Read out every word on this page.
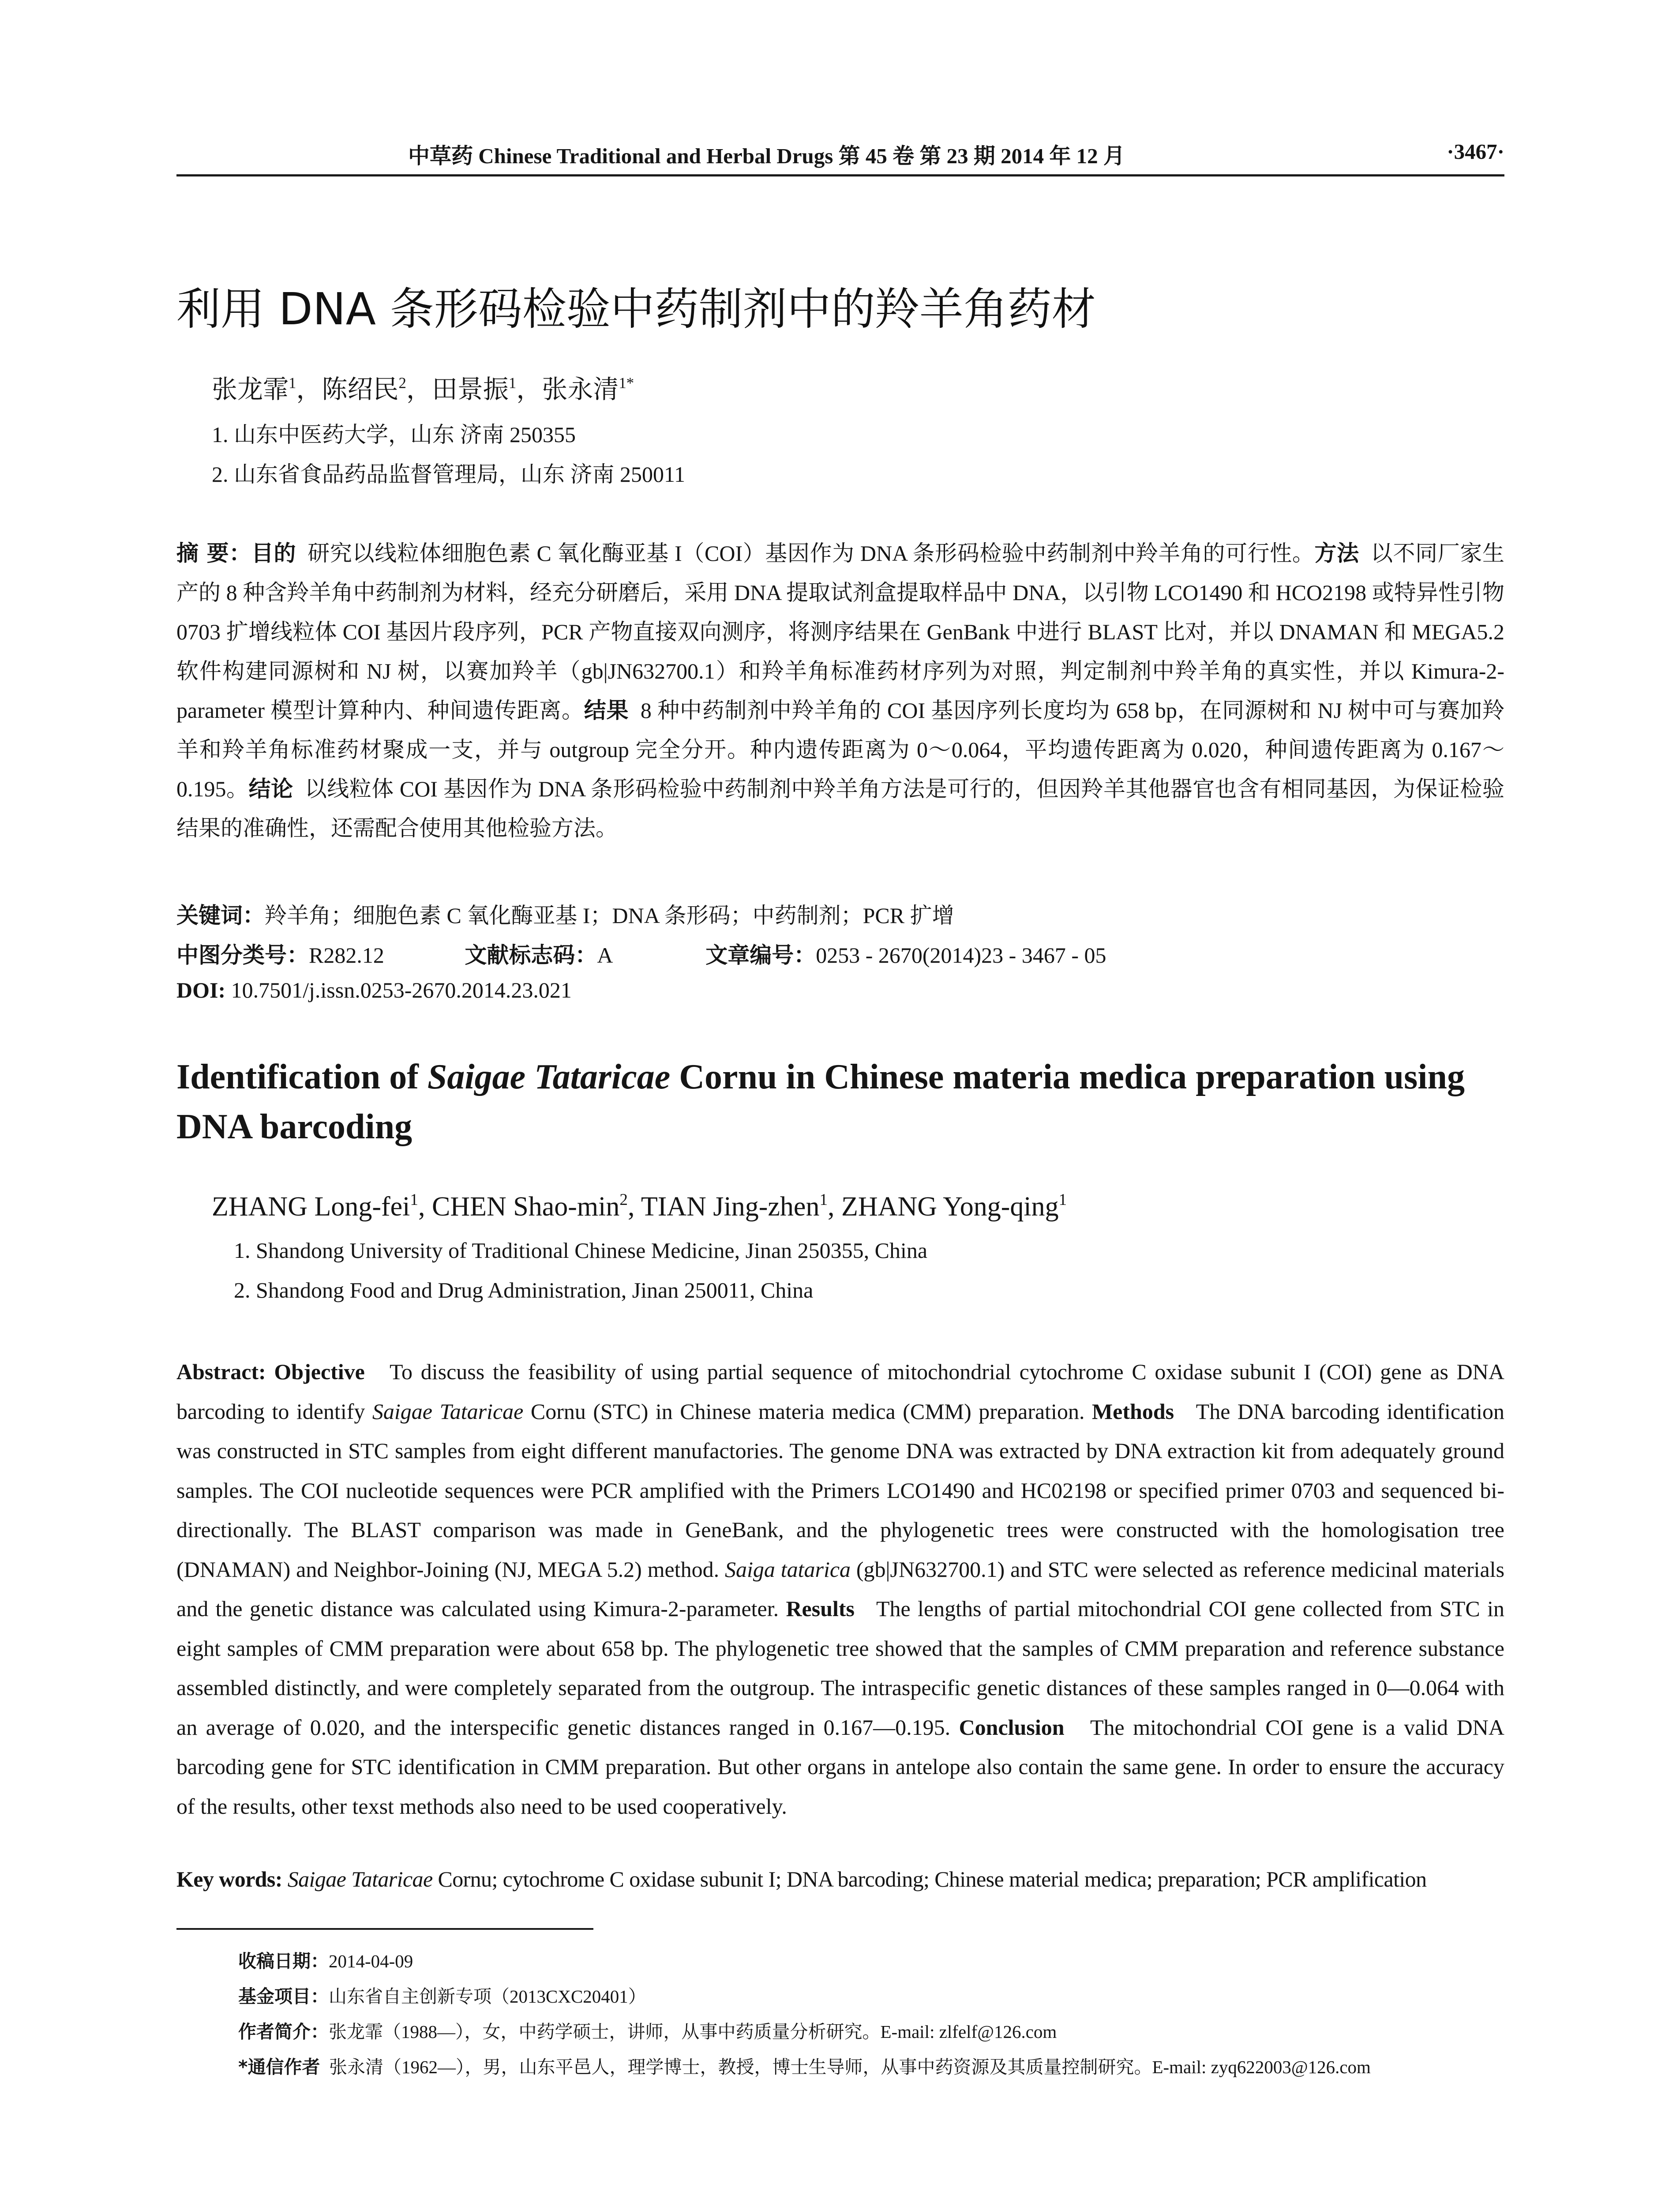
中草药 Chinese Traditional and Herbal Drugs 第 45 卷 第 23 期 2014 年 12 月	·3467·
利用 DNA 条形码检验中药制剂中的羚羊角药材
张龙霏$^1$，陈绍民$^2$，田景振$^1$，张永清$^{1*}$
1. 山东中医药大学，山东 济南 250355
2. 山东省食品药品监督管理局，山东 济南 250011
摘 要：目的 研究以线粒体细胞色素 C 氧化酶亚基 I（COI）基因作为 DNA 条形码检验中药制剂中羚羊角的可行性。方法 以不同厂家生产的 8 种含羚羊角中药制剂为材料，经充分研磨后，采用 DNA 提取试剂盒提取样品中 DNA，以引物 LCO1490 和 HCO2198 或特异性引物 0703 扩增线粒体 COI 基因片段序列，PCR 产物直接双向测序，将测序结果在 GenBank 中进行 BLAST 比对，并以 DNAMAN 和 MEGA5.2 软件构建同源树和 NJ 树，以赛加羚羊（gb|JN632700.1）和羚羊角标准药材序列为对照，判定制剂中羚羊角的真实性，并以 Kimura-2-parameter 模型计算种内、种间遗传距离。结果 8 种中药制剂中羚羊角的 COI 基因序列长度均为 658 bp，在同源树和 NJ 树中可与赛加羚羊和羚羊角标准药材聚成一支，并与 outgroup 完全分开。种内遗传距离为 0～0.064，平均遗传距离为 0.020，种间遗传距离为 0.167～0.195。结论 以线粒体 COI 基因作为 DNA 条形码检验中药制剂中羚羊角方法是可行的，但因羚羊其他器官也含有相同基因，为保证检验结果的准确性，还需配合使用其他检验方法。
关键词：羚羊角；细胞色素 C 氧化酶亚基 I；DNA 条形码；中药制剂；PCR 扩增
中图分类号：R282.12	文献标志码：A	文章编号：0253 - 2670(2014)23 - 3467 - 05
DOI: 10.7501/j.issn.0253-2670.2014.23.021
Identification of Saigae Tataricae Cornu in Chinese materia medica preparation using DNA barcoding
ZHANG Long-fei$^1$, CHEN Shao-$\min^2$, TIAN Jing-zhen$^1$, ZHANG Yong-qing$^1$
1. Shandong University of Traditional Chinese Medicine, Jinan 250355, China
2. Shandong Food and Drug Administration, Jinan 250011, China
Abstract: Objective To discuss the feasibility of using partial sequence of mitochondrial cytochrome C oxidase subunit I (COI) gene as DNA barcoding to identify Saigae Tataricae Cornu (STC) in Chinese materia medica (CMM) preparation. Methods The DNA barcoding identification was constructed in STC samples from eight different manufactories. The genome DNA was extracted by DNA extraction kit from adequately ground samples. The COI nucleotide sequences were PCR amplified with the Primers LCO1490 and HC02198 or specified primer 0703 and sequenced bi-directionally. The BLAST comparison was made in GeneBank, and the phylogenetic trees were constructed with the homologisation tree (DNAMAN) and Neighbor-Joining (NJ, MEGA 5.2) method. Saiga tatarica (gb|JN632700.1) and STC were selected as reference medicinal materials and the genetic distance was calculated using Kimura-2-parameter. Results The lengths of partial mitochondrial COI gene collected from STC in eight samples of CMM preparation were about 658 bp. The phylogenetic tree showed that the samples of CMM preparation and reference substance assembled distinctly, and were completely separated from the outgroup. The intraspecific genetic distances of these samples ranged in 0—0.064 with an average of 0.020, and the interspecific genetic distances ranged in 0.167—0.195. Conclusion The mitochondrial COI gene is a valid DNA barcoding gene for STC identification in CMM preparation. But other organs in antelope also contain the same gene. In order to ensure the accuracy of the results, other texst methods also need to be used cooperatively.
Key words: Saigae Tataricae Cornu; cytochrome C oxidase subunit I; DNA barcoding; Chinese material medica; preparation; PCR amplification
收稿日期：2014-04-09
基金项目：山东省自主创新专项（2013CXC20401）
作者简介：张龙霏（1988—），女，中药学硕士，讲师，从事中药质量分析研究。E-mail: zlfelf@126.com
*通信作者 张永清（1962—），男，山东平邑人，理学博士，教授，博士生导师，从事中药资源及其质量控制研究。E-mail: zyq622003@126.com
